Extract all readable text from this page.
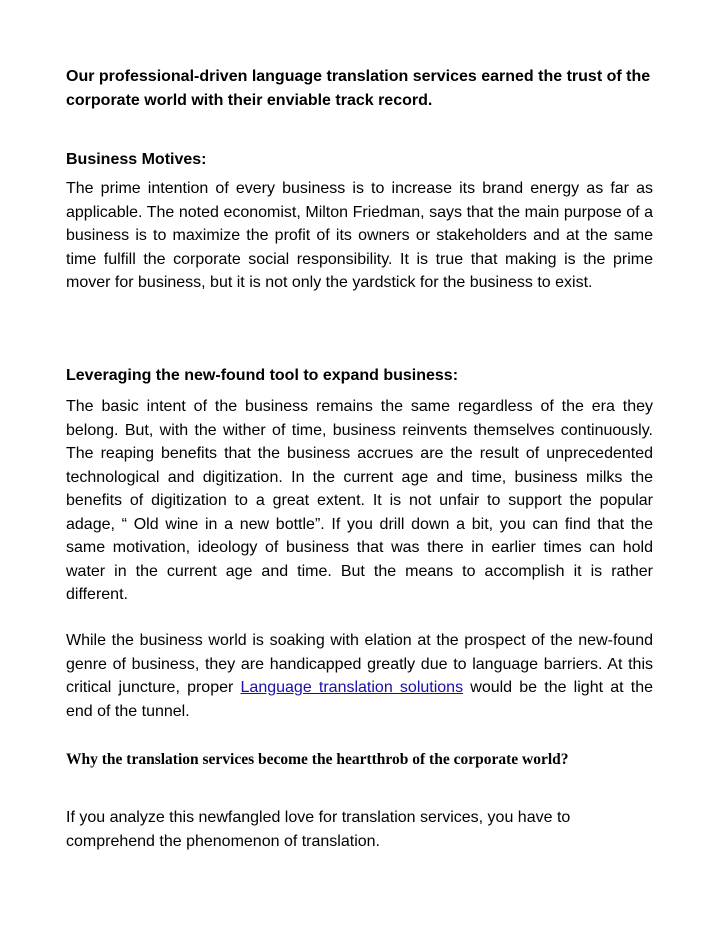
Our professional-driven language translation services earned the trust of the corporate world with their enviable track record.

Business Motives:

The prime intention of every business is to increase its brand energy as far as applicable. The noted economist, Milton Friedman, says that the main purpose of a business is to maximize the profit of its owners or stakeholders and at the same time fulfill the corporate social responsibility. It is true that making is the prime mover for business, but it is not only the yardstick for the business to exist.

Leveraging the new-found tool to expand business:

The basic intent of the business remains the same regardless of the era they belong. But, with the wither of time, business reinvents themselves continuously. The reaping benefits that the business accrues are the result of unprecedented technological and digitization. In the current age and time, business milks the benefits of digitization to a great extent. It is not unfair to support the popular adage, “ Old wine in a new bottle”. If you drill down a bit, you can find that the same motivation, ideology of business that was there in earlier times can hold water in the current age and time. But the means to accomplish it is rather different.

While the business world is soaking with elation at the prospect of the new-found genre of business, they are handicapped greatly due to language barriers. At this critical juncture, proper Language translation solutions would be the light at the end of the tunnel.

Why the translation services become the heartthrob of the corporate world?

If you analyze this newfangled love for translation services, you have to comprehend the phenomenon of translation.
